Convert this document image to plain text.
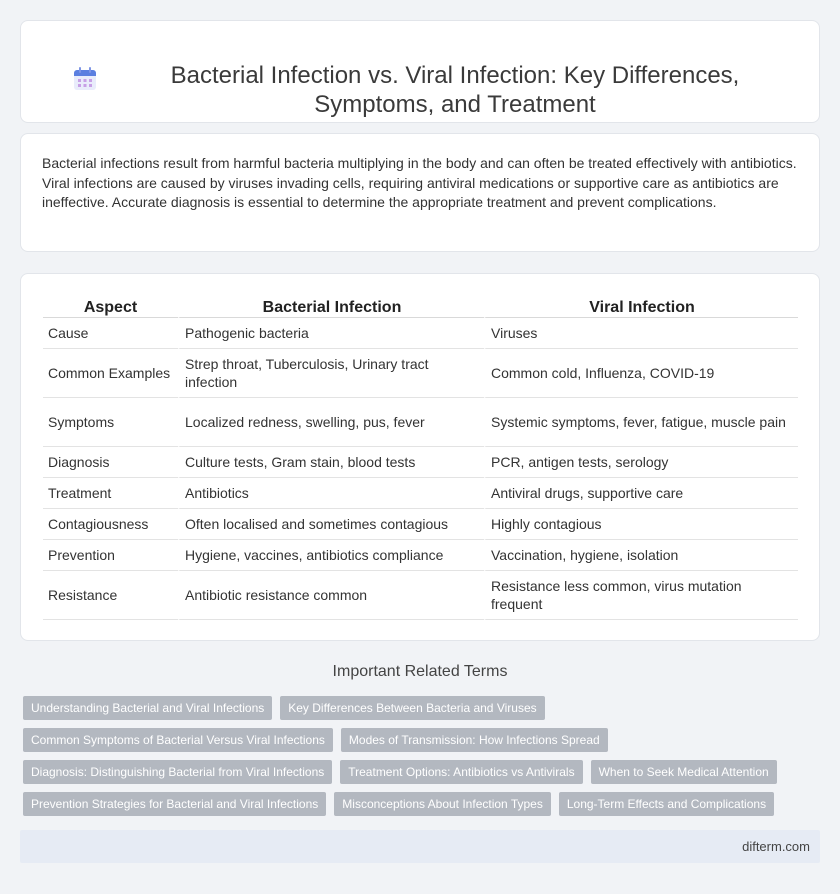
Bacterial Infection vs. Viral Infection: Key Differences, Symptoms, and Treatment

Bacterial infections result from harmful bacteria multiplying in the body and can often be treated effectively with antibiotics. Viral infections are caused by viruses invading cells, requiring antiviral medications or supportive care as antibiotics are ineffective. Accurate diagnosis is essential to determine the appropriate treatment and prevent complications.

Aspect	Bacterial Infection	Viral Infection
Cause	Pathogenic bacteria	Viruses
Common Examples	Strep throat, Tuberculosis, Urinary tract infection	Common cold, Influenza, COVID-19
Symptoms	Localized redness, swelling, pus, fever	Systemic symptoms, fever, fatigue, muscle pain
Diagnosis	Culture tests, Gram stain, blood tests	PCR, antigen tests, serology
Treatment	Antibiotics	Antiviral drugs, supportive care
Contagiousness	Often localised and sometimes contagious	Highly contagious
Prevention	Hygiene, vaccines, antibiotics compliance	Vaccination, hygiene, isolation
Resistance	Antibiotic resistance common	Resistance less common, virus mutation frequent
Important Related Terms
Understanding Bacterial and Viral Infections	Key Differences Between Bacteria and Viruses
Common Symptoms of Bacterial Versus Viral Infections	Modes of Transmission: How Infections Spread
Diagnosis: Distinguishing Bacterial from Viral Infections	Treatment Options: Antibiotics vs Antivirals	When to Seek Medical Attention
Prevention Strategies for Bacterial and Viral Infections	Misconceptions About Infection Types	Long-Term Effects and Complications
difterm.com
